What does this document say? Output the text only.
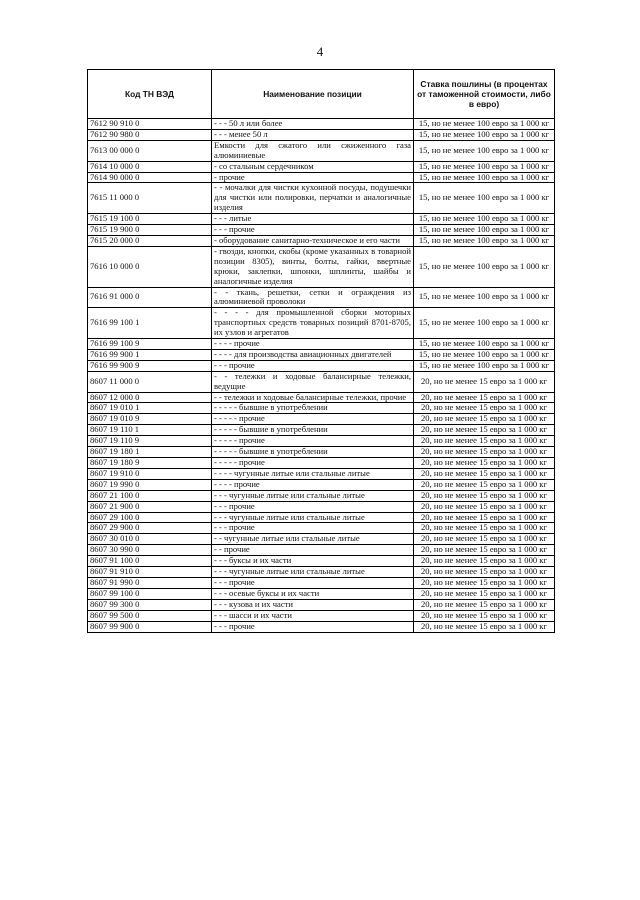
4
Код ТН ВЭД	Наименование позиции	Ставка пошлины (в процентах от таможенной стоимости, либо в евро)
7612 90 910 0	- - - 50 л или более	15, но не менее 100 евро за 1 000 кг
7612 90 980 0	- - - менее 50 л	15, но не менее 100 евро за 1 000 кг
7613 00 000 0	Емкости для сжатого или сжиженного газа алюминиевые	15, но не менее 100 евро за 1 000 кг
7614 10 000 0	- со стальным сердечником	15, но не менее 100 евро за 1 000 кг
7614 90 000 0	- прочие	15, но не менее 100 евро за 1 000 кг
7615 11 000 0	- - мочалки для чистки кухонной посуды, подушечки для чистки или полировки, перчатки и аналогичные изделия	15, но не менее 100 евро за 1 000 кг
7615 19 100 0	- - - литые	15, но не менее 100 евро за 1 000 кг
7615 19 900 0	- - - прочие	15, но не менее 100 евро за 1 000 кг
7615 20 000 0	- оборудование санитарно-техническое и его части	15, но не менее 100 евро за 1 000 кг
7616 10 000 0	- гвозди, кнопки, скобы (кроме указанных в товарной позиции 8305), винты, болты, гайки, ввертные крюки, заклепки, шпонки, шплинты, шайбы и аналогичные изделия	15, но не менее 100 евро за 1 000 кг
7616 91 000 0	- - ткань, решетки, сетки и ограждения из алюминиевой проволоки	15, но не менее 100 евро за 1 000 кг
7616 99 100 1	- - - - для промышленной сборки моторных транспортных средств товарных позиций 8701-8705, их узлов и агрегатов	15, но не менее 100 евро за 1 000 кг
7616 99 100 9	- - - - прочие	15, но не менее 100 евро за 1 000 кг
7616 99 900 1	- - - - для производства авиационных двигателей	15, но не менее 100 евро за 1 000 кг
7616 99 900 9	- - - прочие	15, но не менее 100 евро за 1 000 кг
8607 11 000 0	- - тележки и ходовые балансирные тележки, ведущие	20, но не менее 15 евро за 1 000 кг
8607 12 000 0	- - тележки и ходовые балансирные тележки, прочие	20, но не менее 15 евро за 1 000 кг
8607 19 010 1	- - - - - бывшие в употреблении	20, но не менее 15 евро за 1 000 кг
8607 19 010 9	- - - - - прочие	20, но не менее 15 евро за 1 000 кг
8607 19 110 1	- - - - - бывшие в употреблении	20, но не менее 15 евро за 1 000 кг
8607 19 110 9	- - - - - прочие	20, но не менее 15 евро за 1 000 кг
8607 19 180 1	- - - - - бывшие в употреблении	20, но не менее 15 евро за 1 000 кг
8607 19 180 9	- - - - - прочие	20, но не менее 15 евро за 1 000 кг
8607 19 910 0	- - - - чугунные литые или стальные литые	20, но не менее 15 евро за 1 000 кг
8607 19 990 0	- - - - прочие	20, но не менее 15 евро за 1 000 кг
8607 21 100 0	- - - чугунные литые или стальные литые	20, но не менее 15 евро за 1 000 кг
8607 21 900 0	- - - прочие	20, но не менее 15 евро за 1 000 кг
8607 29 100 0	- - - чугунные литые или стальные литые	20, но не менее 15 евро за 1 000 кг
8607 29 900 0	- - - прочие	20, но не менее 15 евро за 1 000 кг
8607 30 010 0	- - чугунные литые или стальные литые	20, но не менее 15 евро за 1 000 кг
8607 30 990 0	- - прочие	20, но не менее 15 евро за 1 000 кг
8607 91 100 0	- - - буксы и их части	20, но не менее 15 евро за 1 000 кг
8607 91 910 0	- - - чугунные литые или стальные литые	20, но не менее 15 евро за 1 000 кг
8607 91 990 0	- - - прочие	20, но не менее 15 евро за 1 000 кг
8607 99 100 0	- - - осевые буксы и их части	20, но не менее 15 евро за 1 000 кг
8607 99 300 0	- - - кузова и их части	20, но не менее 15 евро за 1 000 кг
8607 99 500 0	- - - шасси и их части	20, но не менее 15 евро за 1 000 кг
8607 99 900 0	- - - прочие	20, но не менее 15 евро за 1 000 кг
